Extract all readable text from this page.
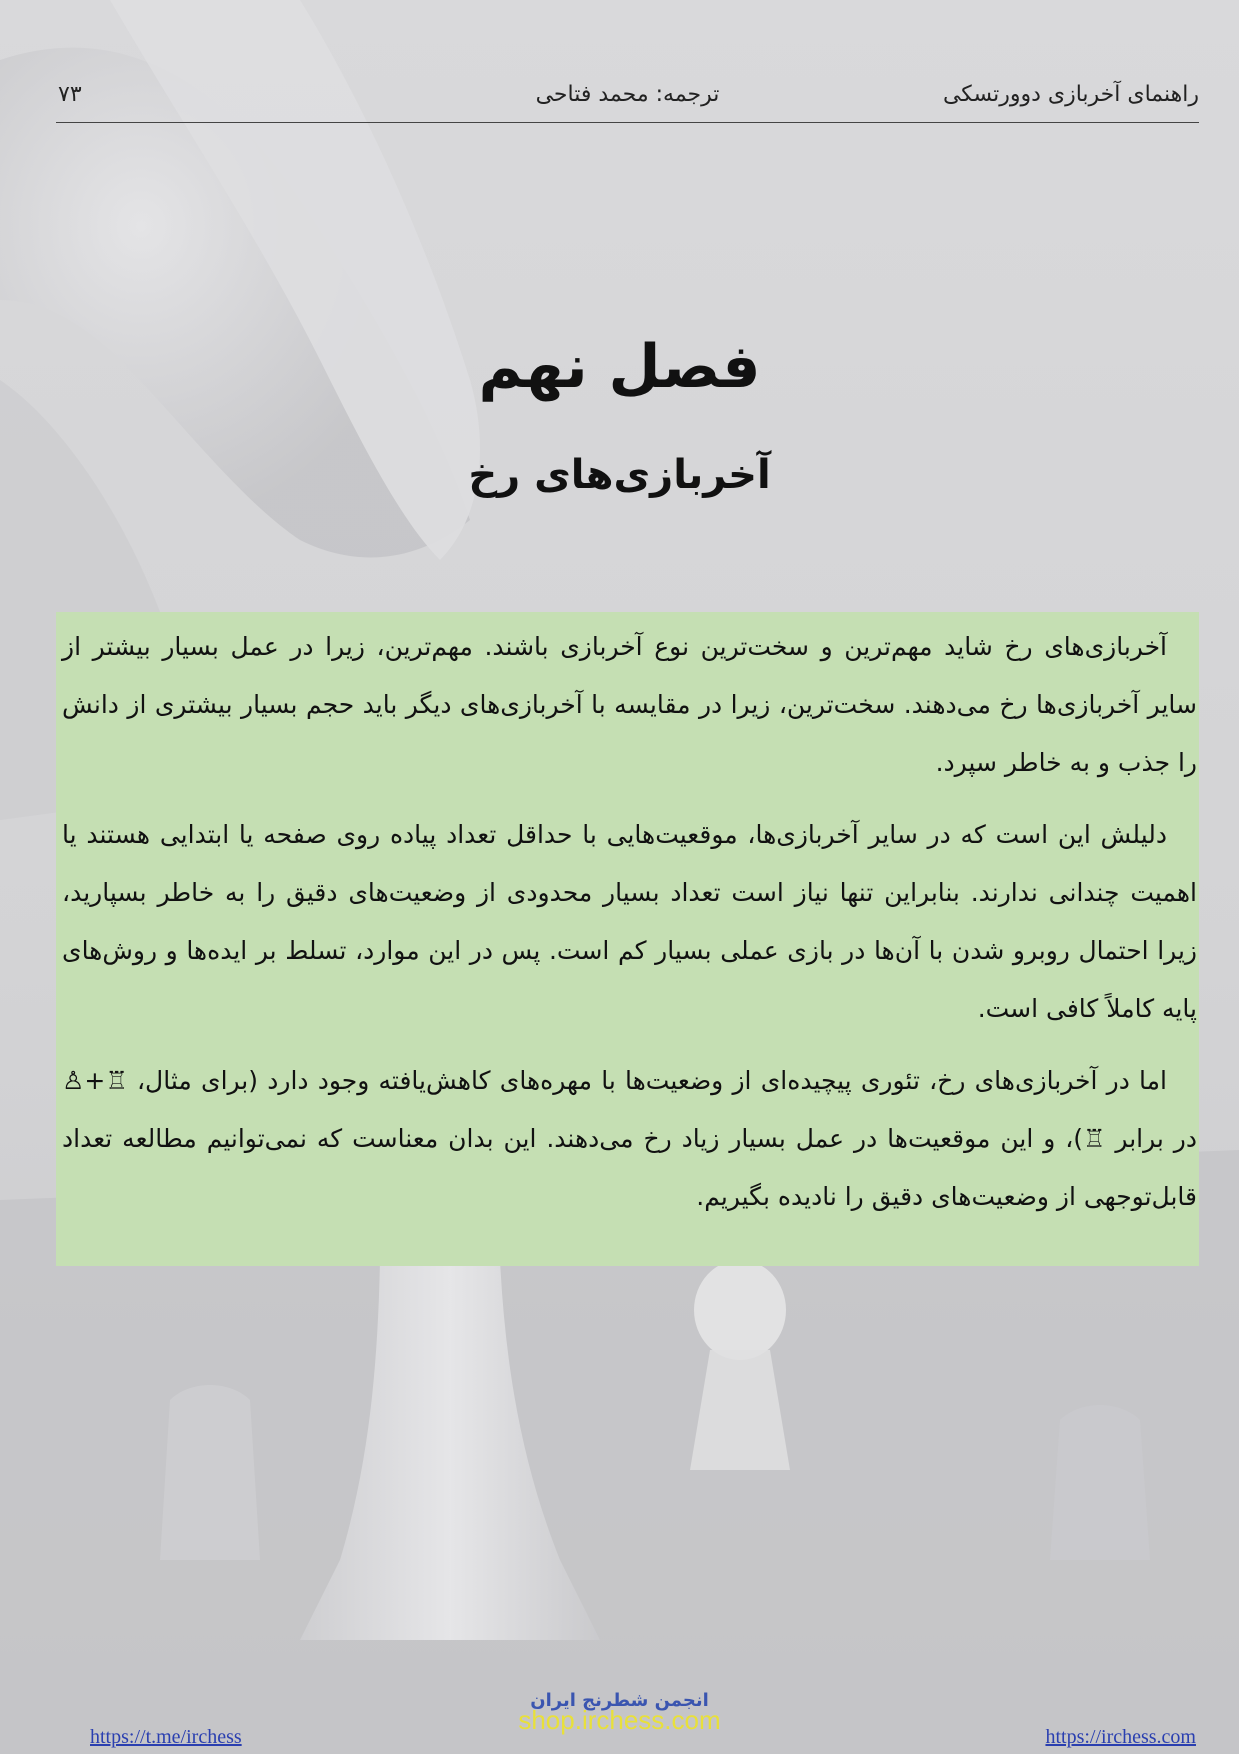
راهنمای آخربازی دوورتسکی
ترجمه: محمد فتاحی
۷۳
فصل نهم
آخربازی‌های رخ

آخربازی‌های رخ شاید مهم‌ترین و سخت‌ترین نوع آخربازی باشند. مهم‌ترین، زیرا در عمل بسیار بیشتر از سایر آخربازی‌ها رخ می‌دهند. سخت‌ترین، زیرا در مقایسه با آخربازی‌های دیگر باید حجم بسیار بیشتری از دانش را جذب و به خاطر سپرد.

دلیلش این است که در سایر آخربازی‌ها، موقعیت‌هایی با حداقل تعداد پیاده روی صفحه یا ابتدایی هستند یا اهمیت چندانی ندارند. بنابراین تنها نیاز است تعداد بسیار محدودی از وضعیت‌های دقیق را به خاطر بسپارید، زیرا احتمال روبرو شدن با آن‌ها در بازی عملی بسیار کم است. پس در این موارد، تسلط بر ایده‌ها و روش‌های پایه کاملاً کافی است.

اما در آخربازی‌های رخ، تئوری پیچیده‌ای از وضعیت‌ها با مهره‌های کاهش‌یافته وجود دارد (برای مثال، ♖+♙ در برابر ♖)، و این موقعیت‌ها در عمل بسیار زیاد رخ می‌دهند. این بدان معناست که نمی‌توانیم مطالعه تعداد قابل‌توجهی از وضعیت‌های دقیق را نادیده بگیریم.

انجمن شطرنج ایران
shop.irchess.com
https://t.me/irchess	https://irchess.com
